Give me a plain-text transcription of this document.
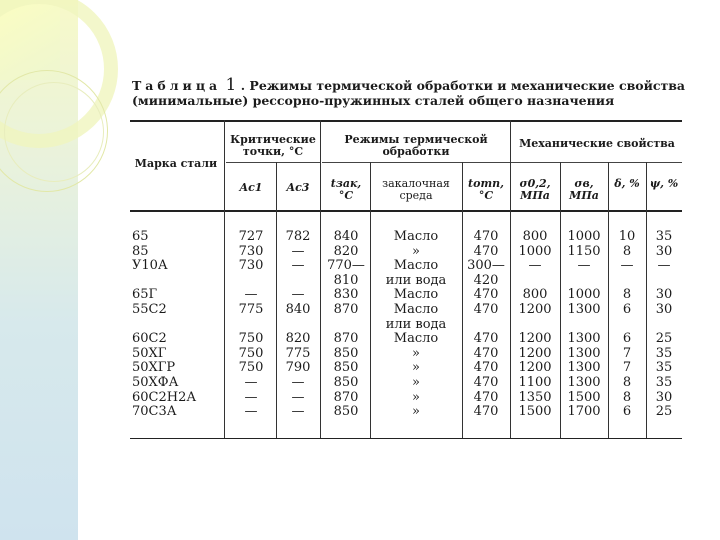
Таблица 1 . Режимы термической обработки и механические свойства
(минимальные) рессорно-пружинных сталей общего назначения
Марка стали
Критические точки, °С
Режимы термической обработки
Механические свойства
Ac1	Ac3	tзак, °С
закалочная среда
tотп, °С
σ0,2, МПа
σв, МПа
δ, % ψ, %
65
85
У10А

65Г
55С2

60С2
50ХГ
50ХГР
50ХФА
60С2Н2А
70С3А
727
730
730

—
775

750
750
750
—
—
—
782
—
—

—
840

820
775
790
—
—
—
840
820
770—
810
830
870

870
850
850
850
870
850
Масло
»
Масло
или вода
Масло
Масло
или вода
Масло
»
»
»
»
»
470
470
300—
420
470
470

470
470
470
470
470
470
800
1000
—

800
1200

1200
1200
1200
1100
1350
1500
1000
1150
—

1000
1300

1300
1300
1300
1300
1500
1700
10
8
—

8
6

6
7
7
8
8
6
35
30
—

30
30

25
35
35
35
30
25
